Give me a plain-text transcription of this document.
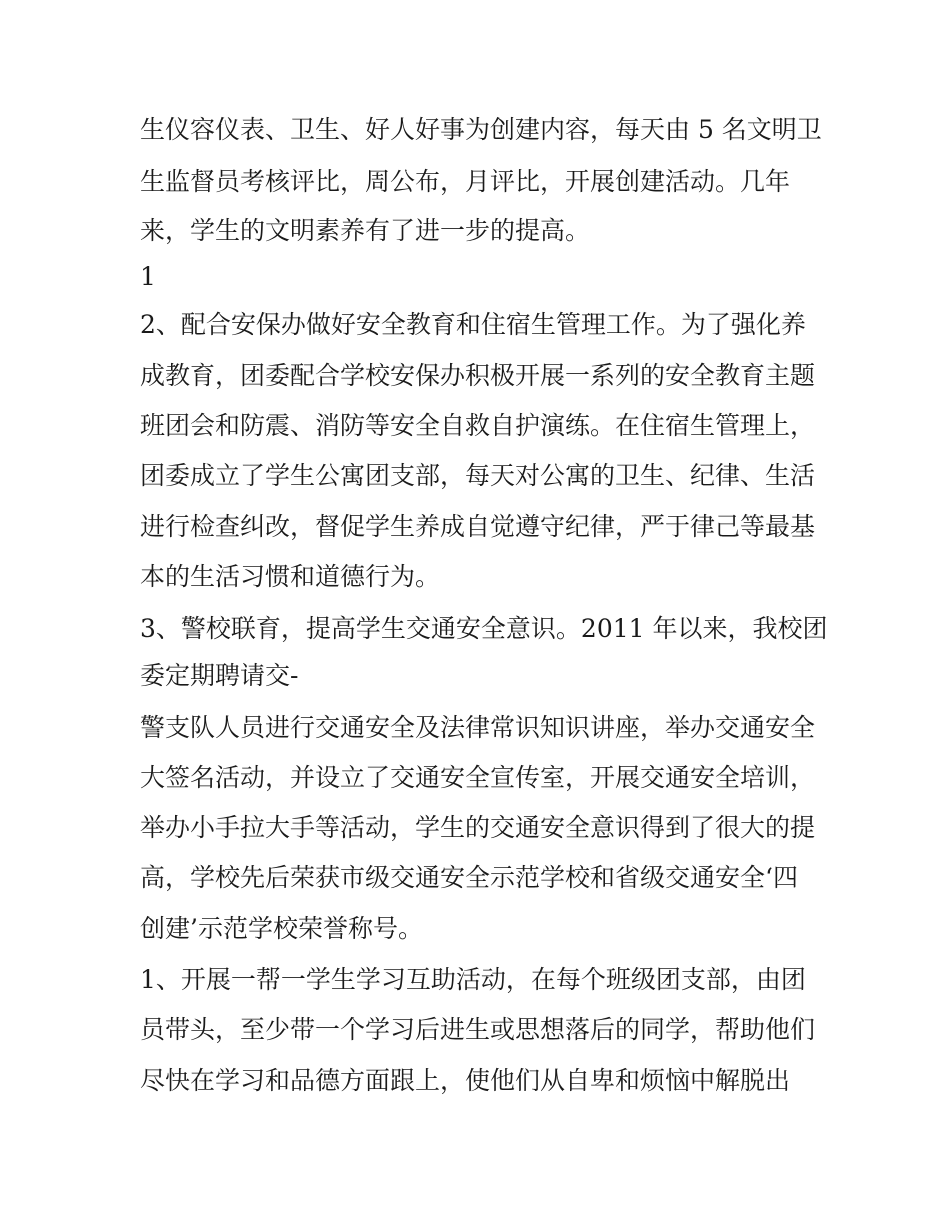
生仪容仪表、卫生、好人好事为创建内容，每天由 5 名文明卫
生监督员考核评比，周公布，月评比，开展创建活动。几年
来，学生的文明素养有了进一步的提高。
1
2、配合安保办做好安全教育和住宿生管理工作。为了强化养
成教育，团委配合学校安保办积极开展一系列的安全教育主题
班团会和防震、消防等安全自救自护演练。在住宿生管理上，
团委成立了学生公寓团支部，每天对公寓的卫生、纪律、生活
进行检查纠改，督促学生养成自觉遵守纪律，严于律己等最基
本的生活习惯和道德行为。
3、警校联育，提高学生交通安全意识。2011 年以来，我校团
委定期聘请交-
警支队人员进行交通安全及法律常识知识讲座，举办交通安全
大签名活动，并设立了交通安全宣传室，开展交通安全培训，
举办小手拉大手等活动，学生的交通安全意识得到了很大的提
高，学校先后荣获市级交通安全示范学校和省级交通安全‘四
创建’示范学校荣誉称号。
1、开展一帮一学生学习互助活动，在每个班级团支部，由团
员带头，至少带一个学习后进生或思想落后的同学，帮助他们
尽快在学习和品德方面跟上，使他们从自卑和烦恼中解脱出
